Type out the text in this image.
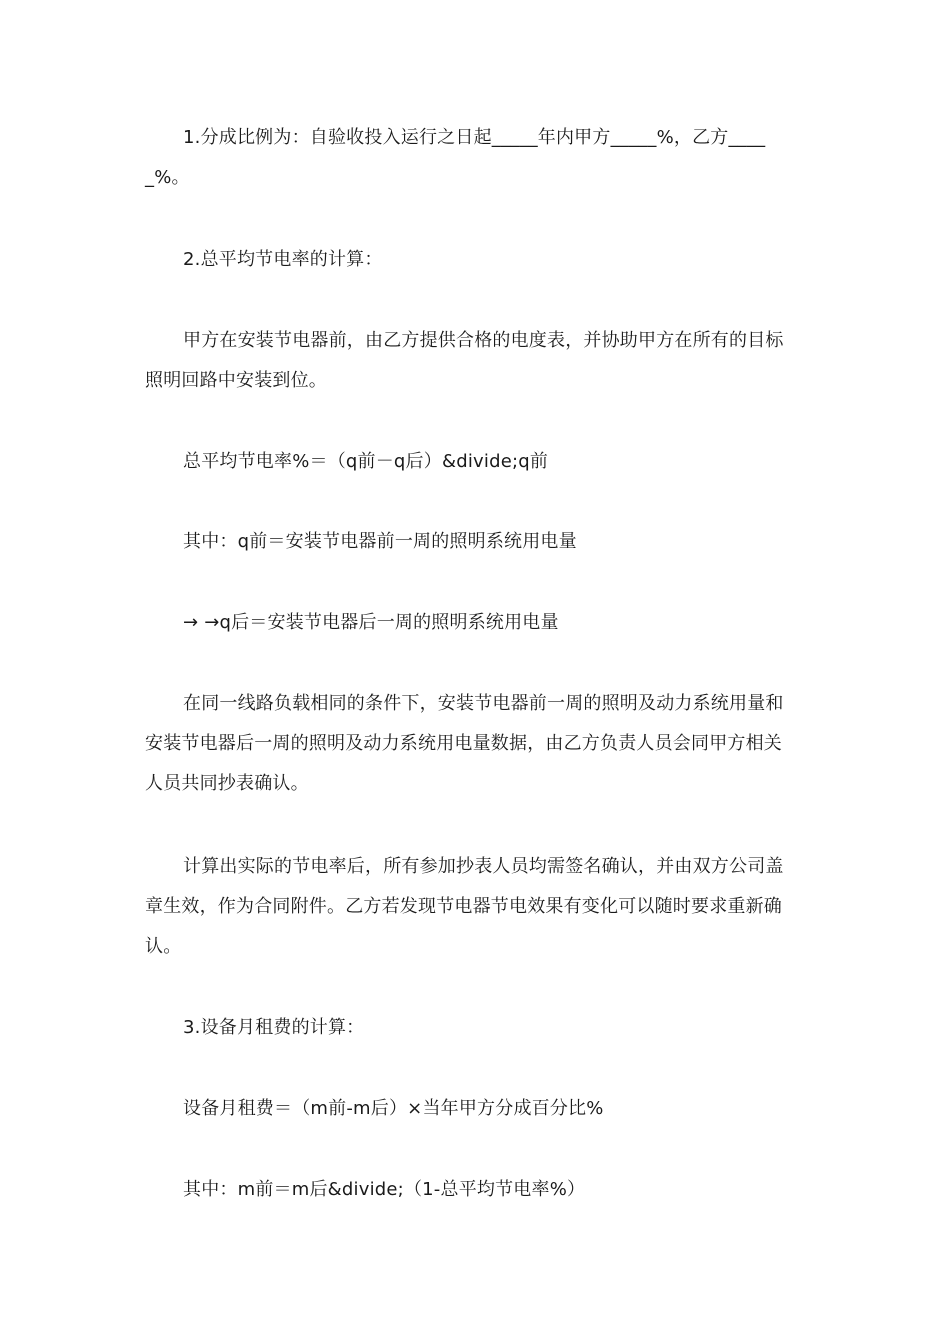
1.分成比例为：自验收投入运行之日起_____年内甲方_____%，乙方_____%。

2.总平均节电率的计算：

甲方在安装节电器前，由乙方提供合格的电度表，并协助甲方在所有的目标照明回路中安装到位。

总平均节电率%＝（q前－q后）&divide;q前

其中：q前＝安装节电器前一周的照明系统用电量

→ →q后＝安装节电器后一周的照明系统用电量

在同一线路负载相同的条件下，安装节电器前一周的照明及动力系统用量和安装节电器后一周的照明及动力系统用电量数据，由乙方负责人员会同甲方相关人员共同抄表确认。

计算出实际的节电率后，所有参加抄表人员均需签名确认，并由双方公司盖章生效，作为合同附件。乙方若发现节电器节电效果有变化可以随时要求重新确认。

3.设备月租费的计算：

设备月租费＝（m前-m后）×当年甲方分成百分比%

其中：m前＝m后&divide;（1-总平均节电率%）
